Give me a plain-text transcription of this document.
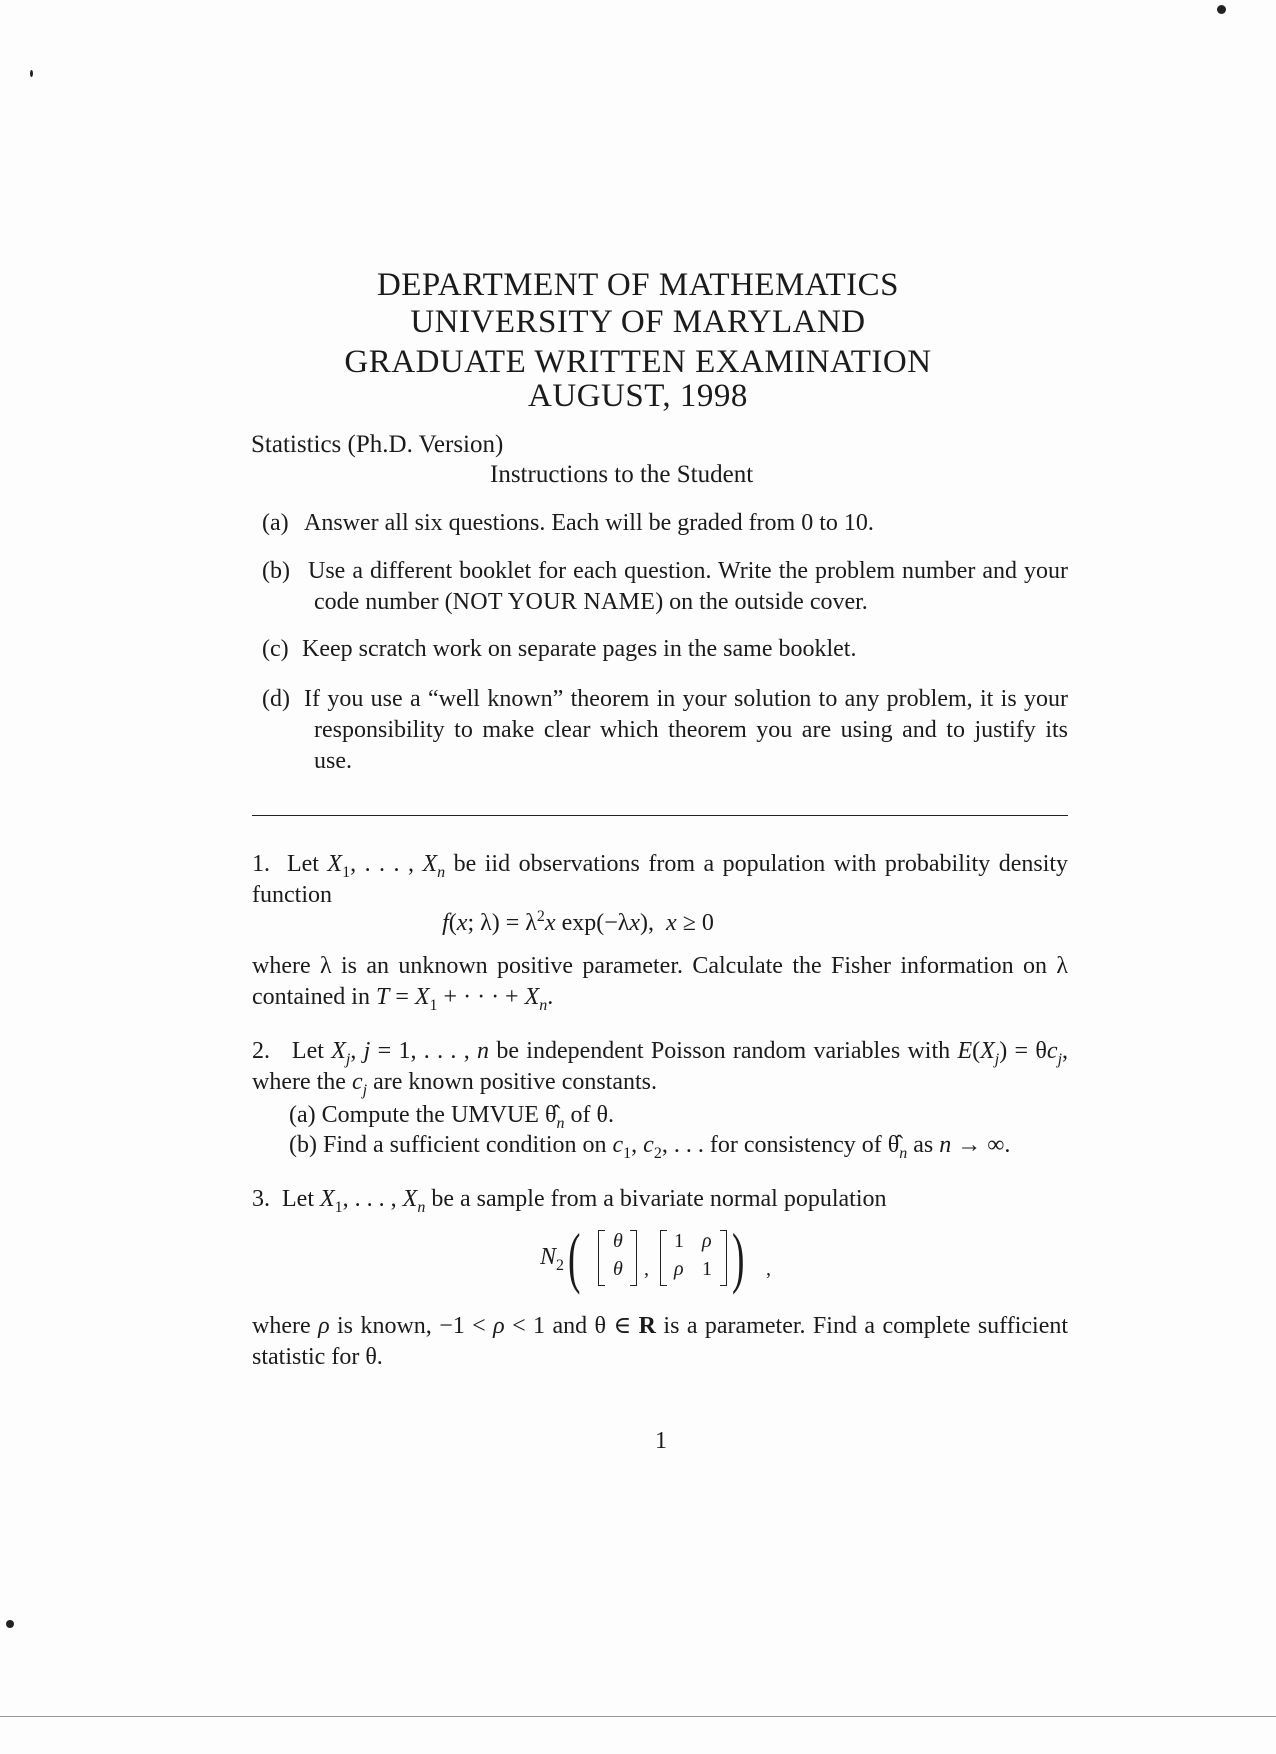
DEPARTMENT OF MATHEMATICS
UNIVERSITY OF MARYLAND
GRADUATE WRITTEN EXAMINATION
AUGUST, 1998
Statistics (Ph.D. Version)
Instructions to the Student
(a) Answer all six questions. Each will be graded from 0 to 10.
(b) Use a different booklet for each question. Write the problem number and your code number (NOT YOUR NAME) on the outside cover.
(c) Keep scratch work on separate pages in the same booklet.
(d) If you use a “well known” theorem in your solution to any problem, it is your responsibility to make clear which theorem you are using and to justify its use.
1.  Let $X_1$, . . . , $X_n$ be iid observations from a population with probability density function
f(x; $\lambda) = \lambda^2x$ exp(−λx),  x ≥ 0
where λ is an unknown positive parameter. Calculate the Fisher information on λ contained in $T = X_1$ + · · · + $X_n$.
2.   Let $X_j$, j = 1, . . . , n be independent Poisson random variables with $E(X_j) = \theta c_j$, where the $c_j$ are known positive constants.
(a) Compute the UMVUE $\thetâ_n$ of θ.
(b) Find a sufficient condition on $c_1$, $c_2$, . . . for consistency of $\thetâ_n$ as n → ∞.
3.  Let $X_1$, . . . , $X_n$ be a sample from a bivariate normal population
$N_2$ ( θ
θ ,
1 ρ
ρ 1 ) ,
where ρ is known, −1 < ρ < 1 and θ ∈ R is a parameter. Find a complete sufficient statistic for θ.
1
